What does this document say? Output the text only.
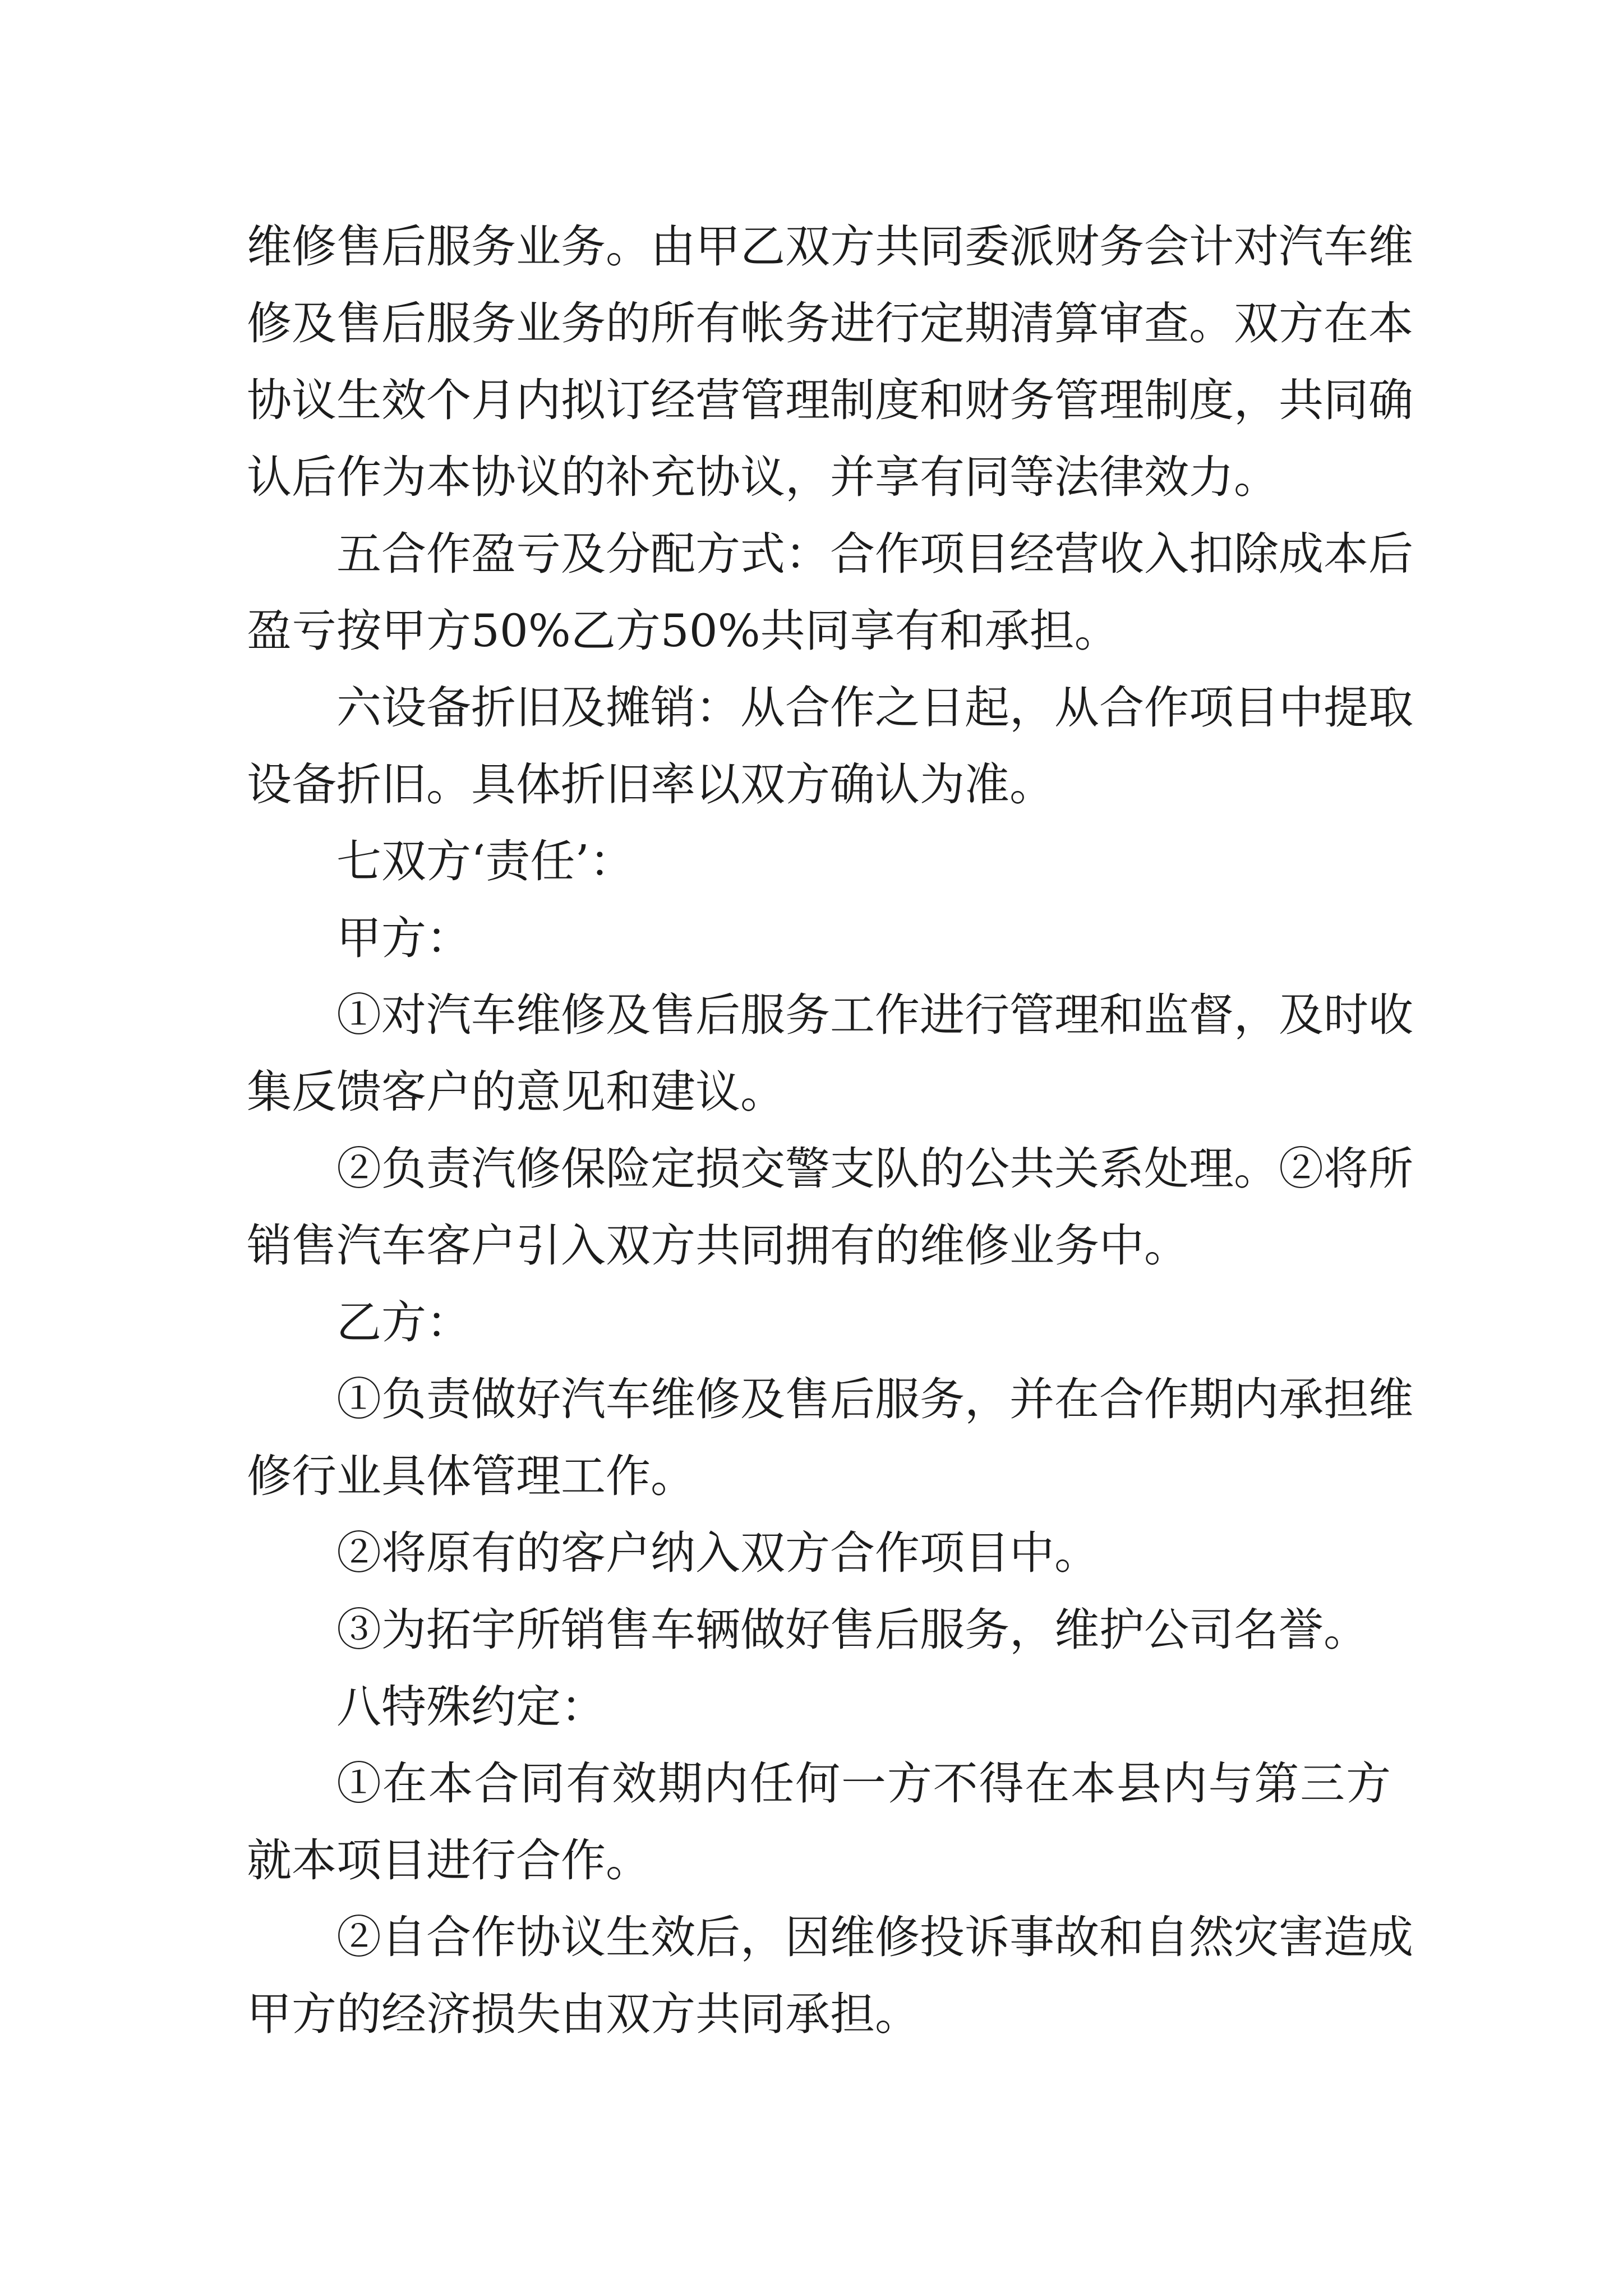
维修售后服务业务。由甲乙双方共同委派财务会计对汽车维
修及售后服务业务的所有帐务进行定期清算审查。双方在本
协议生效个月内拟订经营管理制度和财务管理制度，共同确
认后作为本协议的补充协议，并享有同等法律效力。
五合作盈亏及分配方式：合作项目经营收入扣除成本后
盈亏按甲方50%乙方50%共同享有和承担。
六设备折旧及摊销：从合作之日起，从合作项目中提取
设备折旧。具体折旧率以双方确认为准。
七双方‘责任’：
甲方：
①对汽车维修及售后服务工作进行管理和监督，及时收
集反馈客户的意见和建议。
②负责汽修保险定损交警支队的公共关系处理。②将所
销售汽车客户引入双方共同拥有的维修业务中。
乙方：
①负责做好汽车维修及售后服务，并在合作期内承担维
修行业具体管理工作。
②将原有的客户纳入双方合作项目中。
③为拓宇所销售车辆做好售后服务，维护公司名誉。
八特殊约定：
①在本合同有效期内任何一方不得在本县内与第三方
就本项目进行合作。
②自合作协议生效后，因维修投诉事故和自然灾害造成
甲方的经济损失由双方共同承担。
